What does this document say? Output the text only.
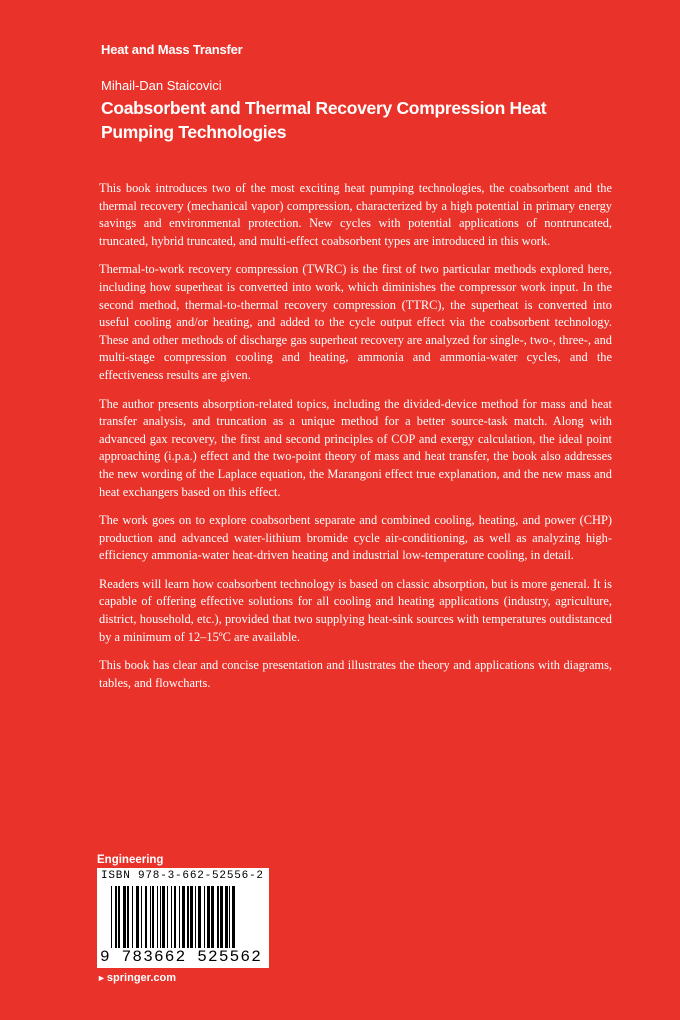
Heat and Mass Transfer
Mihail-Dan Staicovici
Coabsorbent and Thermal Recovery Compression Heat Pumping Technologies

This book introduces two of the most exciting heat pumping technologies, the coabsorbent and the thermal recovery (mechanical vapor) compression, characterized by a high potential in primary energy savings and environmental protection. New cycles with potential applications of nontruncated, truncated, hybrid truncated, and multi-effect coabsorbent types are introduced in this work.

Thermal-to-work recovery compression (TWRC) is the first of two particular methods explored here, including how superheat is converted into work, which diminishes the compressor work input. In the second method, thermal-to-thermal recovery compression (TTRC), the superheat is converted into useful cooling and/or heating, and added to the cycle output effect via the coabsorbent technology. These and other methods of discharge gas superheat recovery are analyzed for single-, two-, three-, and multi-stage compression cooling and heating, ammonia and ammonia-water cycles, and the effectiveness results are given.

The author presents absorption-related topics, including the divided-device method for mass and heat transfer analysis, and truncation as a unique method for a better source-task match. Along with advanced gax recovery, the first and second principles of COP and exergy calculation, the ideal point approaching (i.p.a.) effect and the two-point theory of mass and heat transfer, the book also addresses the new wording of the Laplace equation, the Marangoni effect true explanation, and the new mass and heat exchangers based on this effect.

The work goes on to explore coabsorbent separate and combined cooling, heating, and power (CHP) production and advanced water-lithium bromide cycle air-conditioning, as well as analyzing high-efficiency ammonia-water heat-driven heating and industrial low-temperature cooling, in detail.

Readers will learn how coabsorbent technology is based on classic absorption, but is more general. It is capable of offering effective solutions for all cooling and heating applications (industry, agriculture, district, household, etc.), provided that two supplying heat-sink sources with temperatures outdistanced by a minimum of 12–15ºC are available.

This book has clear and concise presentation and illustrates the theory and applications with diagrams, tables, and flowcharts.

Engineering
ISBN 978-3-662-52556-2
9 783662 525562
►springer.com
